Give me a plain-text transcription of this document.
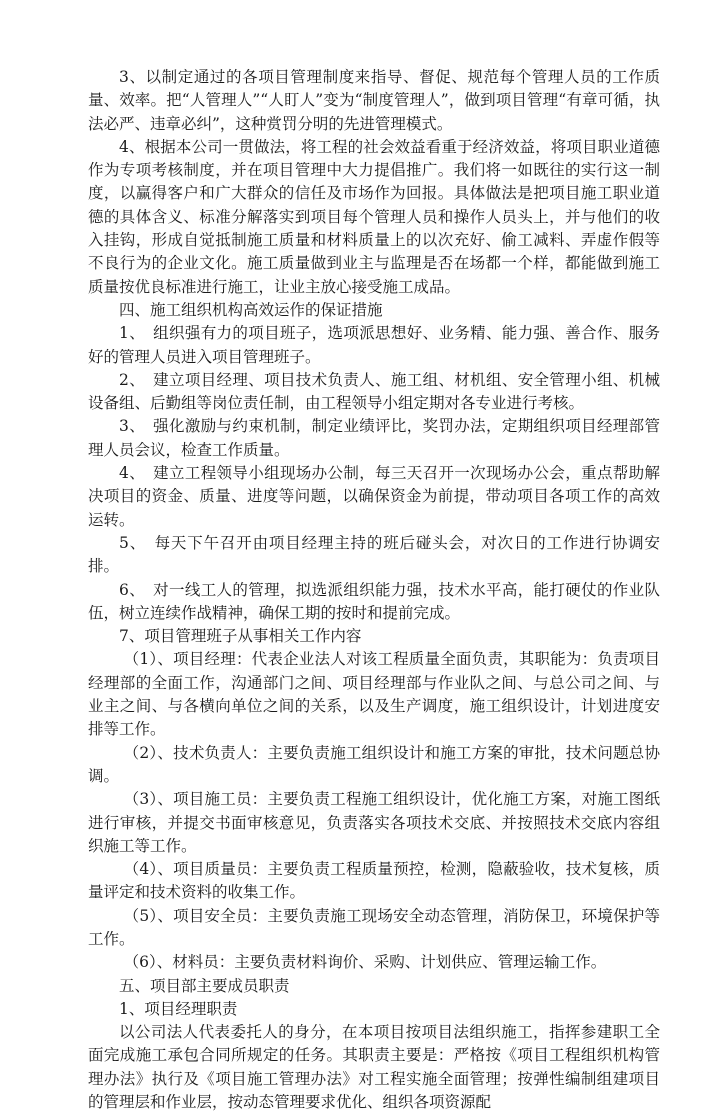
3、以制定通过的各项目管理制度来指导、督促、规范每个管理人员的工作质量、效率。把“人管理人”“人盯人”变为“制度管理人”，做到项目管理“有章可循，执法必严、违章必纠”，这种赏罚分明的先进管理模式。

4、根据本公司一贯做法，将工程的社会效益看重于经济效益，将项目职业道德作为专项考核制度，并在项目管理中大力提倡推广。我们将一如既往的实行这一制度，以赢得客户和广大群众的信任及市场作为回报。具体做法是把项目施工职业道德的具体含义、标准分解落实到项目每个管理人员和操作人员头上，并与他们的收入挂钩，形成自觉抵制施工质量和材料质量上的以次充好、偷工减料、弄虚作假等不良行为的企业文化。施工质量做到业主与监理是否在场都一个样，都能做到施工质量按优良标准进行施工，让业主放心接受施工成品。

四、施工组织机构高效运作的保证措施

1、　组织强有力的项目班子，选项派思想好、业务精、能力强、善合作、服务好的管理人员进入项目管理班子。

2、　建立项目经理、项目技术负责人、施工组、材机组、安全管理小组、机械设备组、后勤组等岗位责任制，由工程领导小组定期对各专业进行考核。

3、　强化激励与约束机制，制定业绩评比，奖罚办法，定期组织项目经理部管理人员会议，检查工作质量。

4、　建立工程领导小组现场办公制，每三天召开一次现场办公会，重点帮助解决项目的资金、质量、进度等问题，以确保资金为前提，带动项目各项工作的高效运转。

5、　每天下午召开由项目经理主持的班后碰头会，对次日的工作进行协调安排。

6、　对一线工人的管理，拟选派组织能力强，技术水平高，能打硬仗的作业队伍，树立连续作战精神，确保工期的按时和提前完成。

7、项目管理班子从事相关工作内容

（1）、项目经理：代表企业法人对该工程质量全面负责，其职能为：负责项目经理部的全面工作，沟通部门之间、项目经理部与作业队之间、与总公司之间、与业主之间、与各横向单位之间的关系，以及生产调度，施工组织设计，计划进度安排等工作。

（2）、技术负责人：主要负责施工组织设计和施工方案的审批，技术问题总协调。

（3）、项目施工员：主要负责工程施工组织设计，优化施工方案，对施工图纸进行审核，并提交书面审核意见，负责落实各项技术交底、并按照技术交底内容组织施工等工作。

（4）、项目质量员：主要负责工程质量预控，检测，隐蔽验收，技术复核，质量评定和技术资料的收集工作。

（5）、项目安全员：主要负责施工现场安全动态管理，消防保卫，环境保护等工作。

（6）、材料员：主要负责材料询价、采购、计划供应、管理运输工作。

五、项目部主要成员职责

1、项目经理职责

以公司法人代表委托人的身分，在本项目按项目法组织施工，指挥参建职工全面完成施工承包合同所规定的任务。其职责主要是：严格按《项目工程组织机构管理办法》执行及《项目施工管理办法》对工程实施全面管理；按弹性编制组建项目的管理层和作业层，按动态管理要求优化、组织各项资源配
